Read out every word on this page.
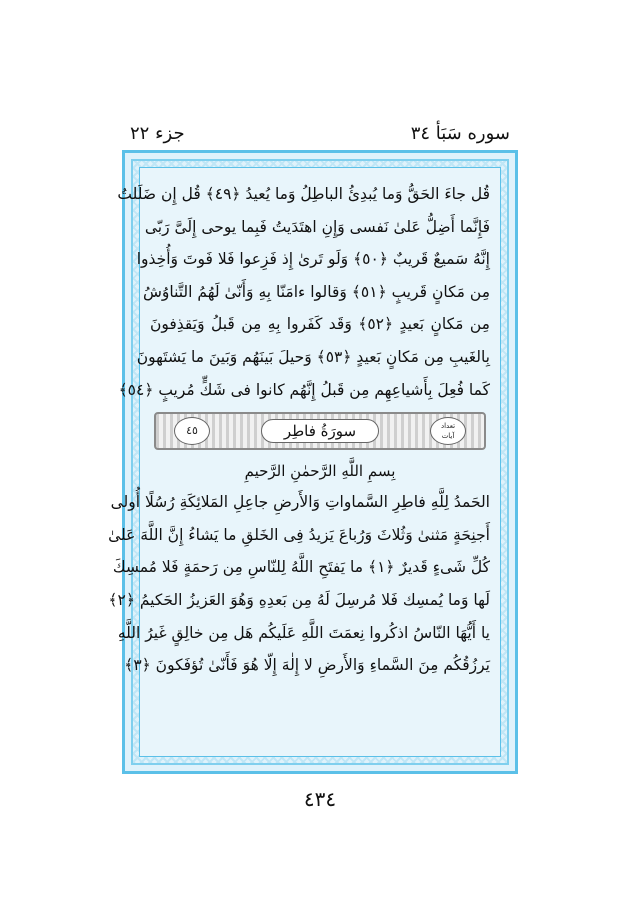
سوره سَبَأ ٣٤
جزء ٢٢
قُل جاءَ الحَقُّ وَما يُبدِئُ الباطِلُ وَما يُعيدُ ﴿٤٩﴾ قُل إِن ضَلَلتُ
فَإِنَّما أَضِلُّ عَلىٰ نَفسى وَإِنِ اهتَدَيتُ فَبِما يوحى إِلَىَّ رَبّى
إِنَّهُ سَميعٌ قَريبٌ ﴿٥٠﴾ وَلَو تَرىٰ إِذ فَزِعوا فَلا فَوتَ وَأُخِذوا
مِن مَكانٍ قَريبٍ ﴿٥١﴾ وَقالوا ءامَنّا بِهِ وَأَنّىٰ لَهُمُ التَّناوُشُ
مِن مَكانٍ بَعيدٍ ﴿٥٢﴾ وَقَد كَفَروا بِهِ مِن قَبلُ وَيَقذِفونَ
بِالغَيبِ مِن مَكانٍ بَعيدٍ ﴿٥٣﴾ وَحيلَ بَينَهُم وَبَينَ ما يَشتَهونَ
كَما فُعِلَ بِأَشياعِهِم مِن قَبلُ إِنَّهُم كانوا فى شَكٍّ مُريبٍ ﴿٥٤﴾
تعداد
آيات
سورَةُ فاطِر
٤٥
بِسمِ اللَّهِ الرَّحمٰنِ الرَّحيمِ
الحَمدُ لِلَّهِ فاطِرِ السَّماواتِ وَالأَرضِ جاعِلِ المَلائِكَةِ رُسُلًا أُولى
أَجنِحَةٍ مَثنىٰ وَثُلاثَ وَرُباعَ يَزيدُ فِى الخَلقِ ما يَشاءُ إِنَّ اللَّهَ عَلىٰ
كُلِّ شَىءٍ قَديرٌ ﴿١﴾ ما يَفتَحِ اللَّهُ لِلنّاسِ مِن رَحمَةٍ فَلا مُمسِكَ
لَها وَما يُمسِك فَلا مُرسِلَ لَهُ مِن بَعدِهِ وَهُوَ العَزيزُ الحَكيمُ ﴿٢﴾
يا أَيُّهَا النّاسُ اذكُروا نِعمَتَ اللَّهِ عَلَيكُم هَل مِن خالِقٍ غَيرُ اللَّهِ
يَرزُقُكُم مِنَ السَّماءِ وَالأَرضِ لا إِلٰهَ إِلّا هُوَ فَأَنّىٰ تُؤفَكونَ ﴿٣﴾
٤٣٤
